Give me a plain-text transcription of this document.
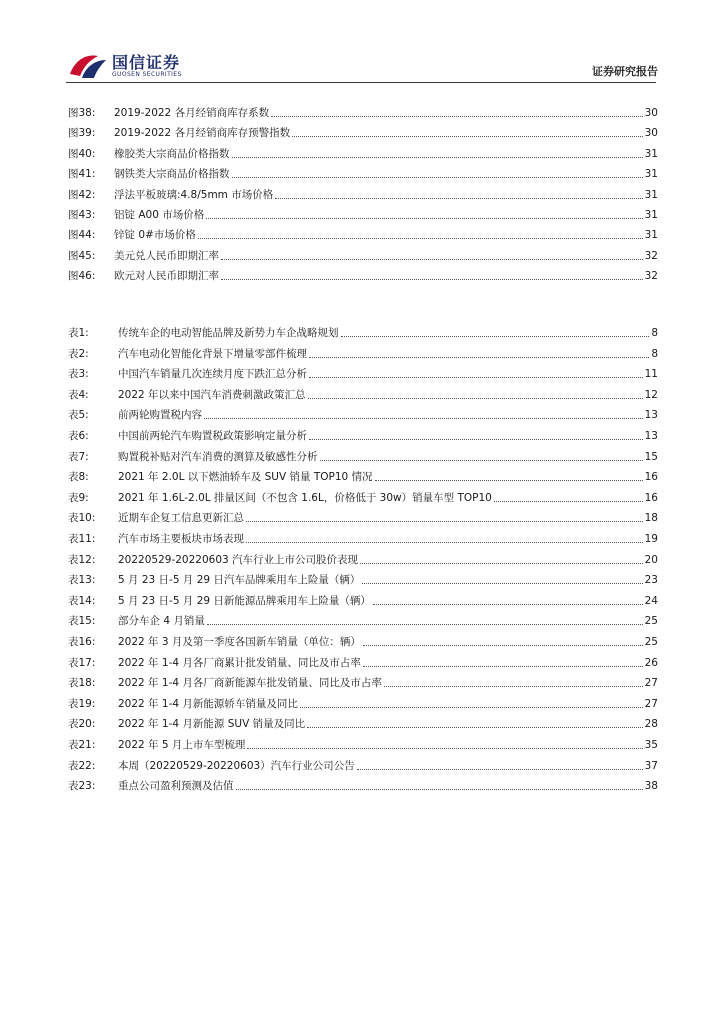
国信证券
GUOSEN SECURITIES	证券研究报告
图38:	2019-2022 各月经销商库存系数	30
图39:	2019-2022 各月经销商库存预警指数	30
图40:	橡胶类大宗商品价格指数	31
图41:	钢铁类大宗商品价格指数	31
图42:	浮法平板玻璃:4.8/5mm 市场价格	31
图43:	铝锭 A00 市场价格	31
图44:	锌锭 0#市场价格	31
图45:	美元兑人民币即期汇率	32
图46:	欧元对人民币即期汇率	32
表1:	传统车企的电动智能品牌及新势力车企战略规划	8
表2:	汽车电动化智能化背景下增量零部件梳理	8
表3:	中国汽车销量几次连续月度下跌汇总分析	11
表4:	2022 年以来中国汽车消费刺激政策汇总	12
表5:	前两轮购置税内容	13
表6:	中国前两轮汽车购置税政策影响定量分析	13
表7:	购置税补贴对汽车消费的测算及敏感性分析	15
表8:	2021 年 2.0L 以下燃油轿车及 SUV 销量 TOP10 情况	16
表9:	2021 年 1.6L-2.0L 排量区间（不包含 1.6L，价格低于 30w）销量车型 TOP10	16
表10:	近期车企复工信息更新汇总	18
表11:	汽车市场主要板块市场表现	19
表12:	20220529-20220603 汽车行业上市公司股价表现	20
表13:	5 月 23 日-5 月 29 日汽车品牌乘用车上险量（辆）	23
表14:	5 月 23 日-5 月 29 日新能源品牌乘用车上险量（辆）	24
表15:	部分车企 4 月销量	25
表16:	2022 年 3 月及第一季度各国新车销量（单位：辆）	25
表17:	2022 年 1-4 月各厂商累计批发销量、同比及市占率	26
表18:	2022 年 1-4 月各厂商新能源车批发销量、同比及市占率	27
表19:	2022 年 1-4 月新能源轿车销量及同比	27
表20:	2022 年 1-4 月新能源 SUV 销量及同比	28
表21:	2022 年 5 月上市车型梳理	35
表22:	本周（20220529-20220603）汽车行业公司公告	37
表23:	重点公司盈利预测及估值	38
